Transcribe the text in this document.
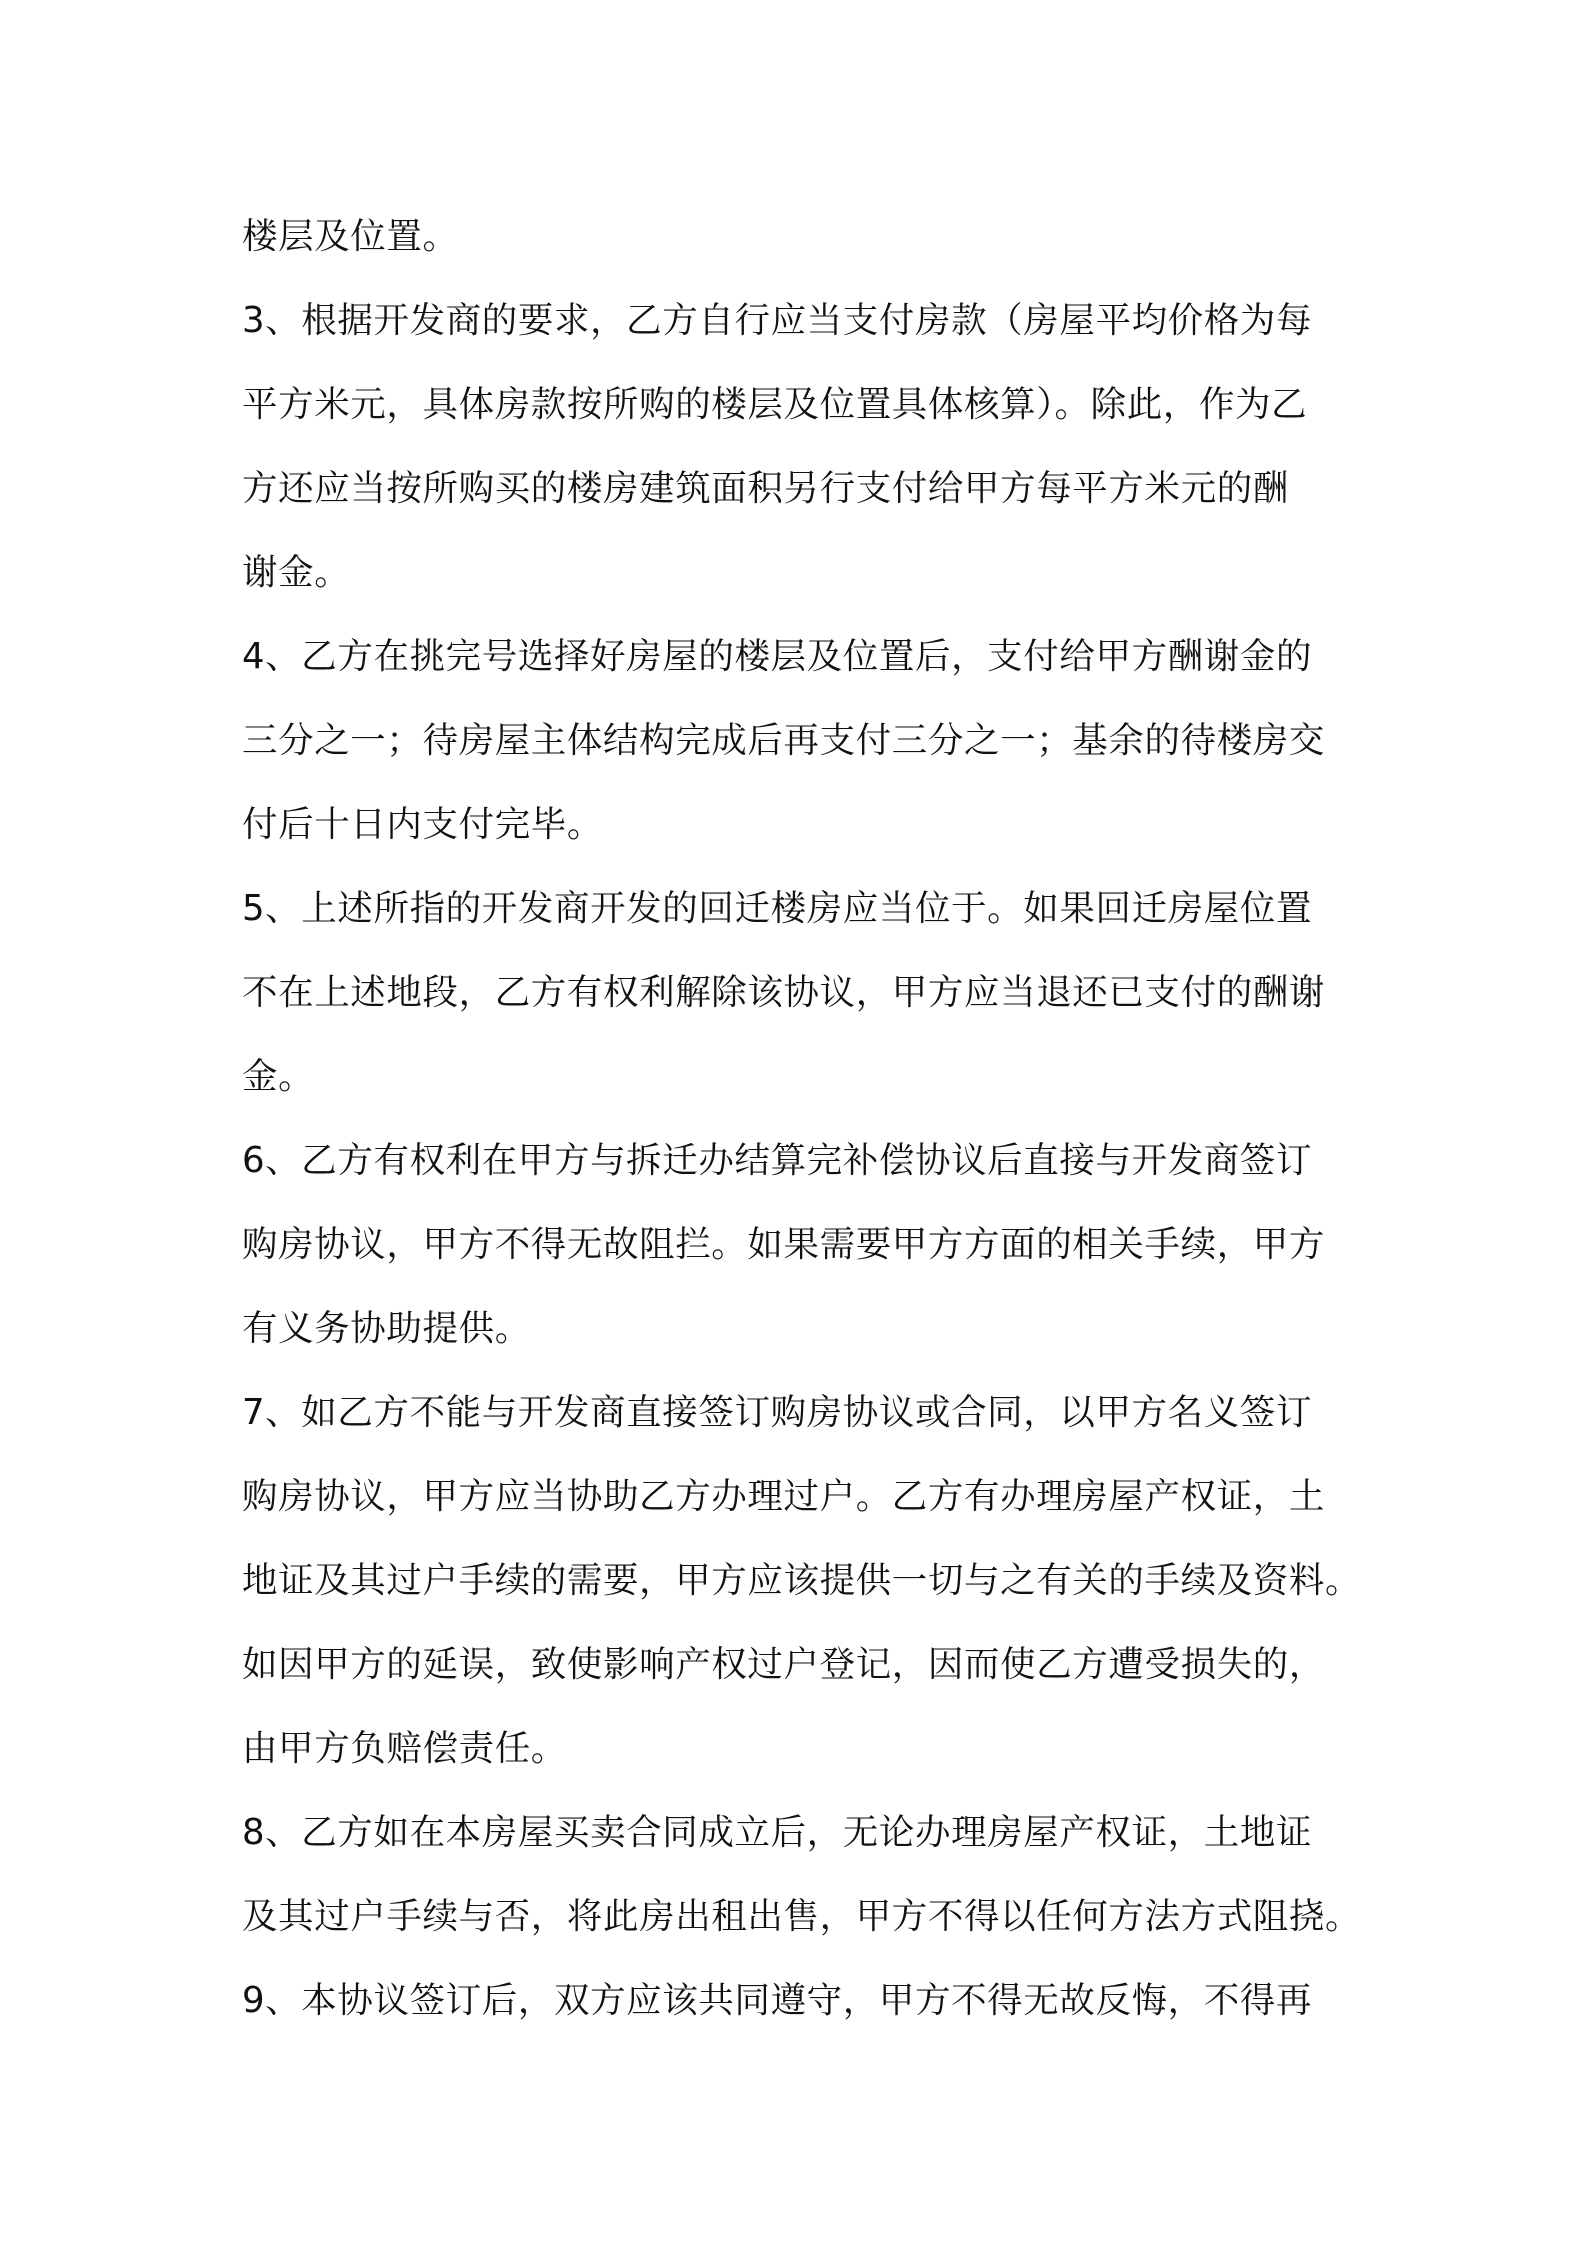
楼层及位置。
3、根据开发商的要求，乙方自行应当支付房款（房屋平均价格为每
平方米元，具体房款按所购的楼层及位置具体核算）。除此，作为乙
方还应当按所购买的楼房建筑面积另行支付给甲方每平方米元的酬
谢金。
4、乙方在挑完号选择好房屋的楼层及位置后，支付给甲方酬谢金的
三分之一；待房屋主体结构完成后再支付三分之一；基余的待楼房交
付后十日内支付完毕。
5、上述所指的开发商开发的回迁楼房应当位于。如果回迁房屋位置
不在上述地段，乙方有权利解除该协议，甲方应当退还已支付的酬谢
金。
6、乙方有权利在甲方与拆迁办结算完补偿协议后直接与开发商签订
购房协议，甲方不得无故阻拦。如果需要甲方方面的相关手续，甲方
有义务协助提供。
7、如乙方不能与开发商直接签订购房协议或合同，以甲方名义签订
购房协议，甲方应当协助乙方办理过户。乙方有办理房屋产权证，土
地证及其过户手续的需要，甲方应该提供一切与之有关的手续及资料。
如因甲方的延误，致使影响产权过户登记，因而使乙方遭受损失的，
由甲方负赔偿责任。
8、乙方如在本房屋买卖合同成立后，无论办理房屋产权证，土地证
及其过户手续与否，将此房出租出售，甲方不得以任何方法方式阻挠。
9、本协议签订后，双方应该共同遵守，甲方不得无故反悔，不得再
